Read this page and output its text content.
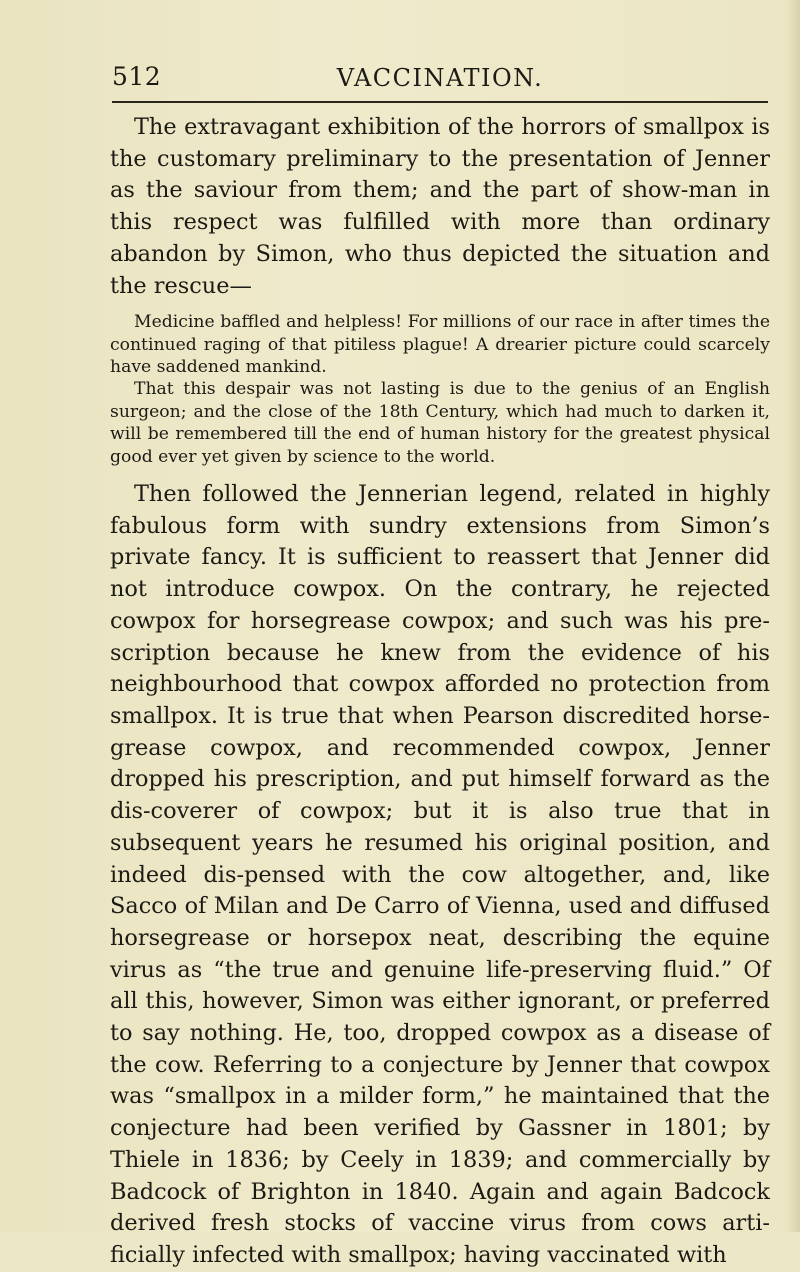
512	VACCINATION.

The extravagant exhibition of the horrors of smallpox is the customary preliminary to the presentation of Jenner as the saviour from them; and the part of show-man in this respect was fulfilled with more than ordinary abandon by Simon, who thus depicted the situation and the rescue—

Medicine baffled and helpless! For millions of our race in after times the continued raging of that pitiless plague! A drearier picture could scarcely have saddened mankind.

That this despair was not lasting is due to the genius of an English surgeon; and the close of the 18th Century, which had much to darken it, will be remembered till the end of human history for the greatest physical good ever yet given by science to the world.

Then followed the Jennerian legend, related in highly fabulous form with sundry extensions from Simon’s private fancy. It is sufficient to reassert that Jenner did not introduce cowpox. On the contrary, he rejected cowpox for horsegrease cowpox; and such was his pre-scription because he knew from the evidence of his neighbourhood that cowpox afforded no protection from smallpox. It is true that when Pearson discredited horse-grease cowpox, and recommended cowpox, Jenner dropped his prescription, and put himself forward as the dis-coverer of cowpox; but it is also true that in subsequent years he resumed his original position, and indeed dis-pensed with the cow altogether, and, like Sacco of Milan and De Carro of Vienna, used and diffused horsegrease or horsepox neat, describing the equine virus as “the true and genuine life-preserving fluid.” Of all this, however, Simon was either ignorant, or preferred to say nothing. He, too, dropped cowpox as a disease of the cow. Referring to a conjecture by Jenner that cowpox was “smallpox in a milder form,” he maintained that the conjecture had been verified by Gassner in 1801; by Thiele in 1836; by Ceely in 1839; and commercially by Badcock of Brighton in 1840. Again and again Badcock derived fresh stocks of vaccine virus from cows arti-ficially infected with smallpox; having vaccinated with
